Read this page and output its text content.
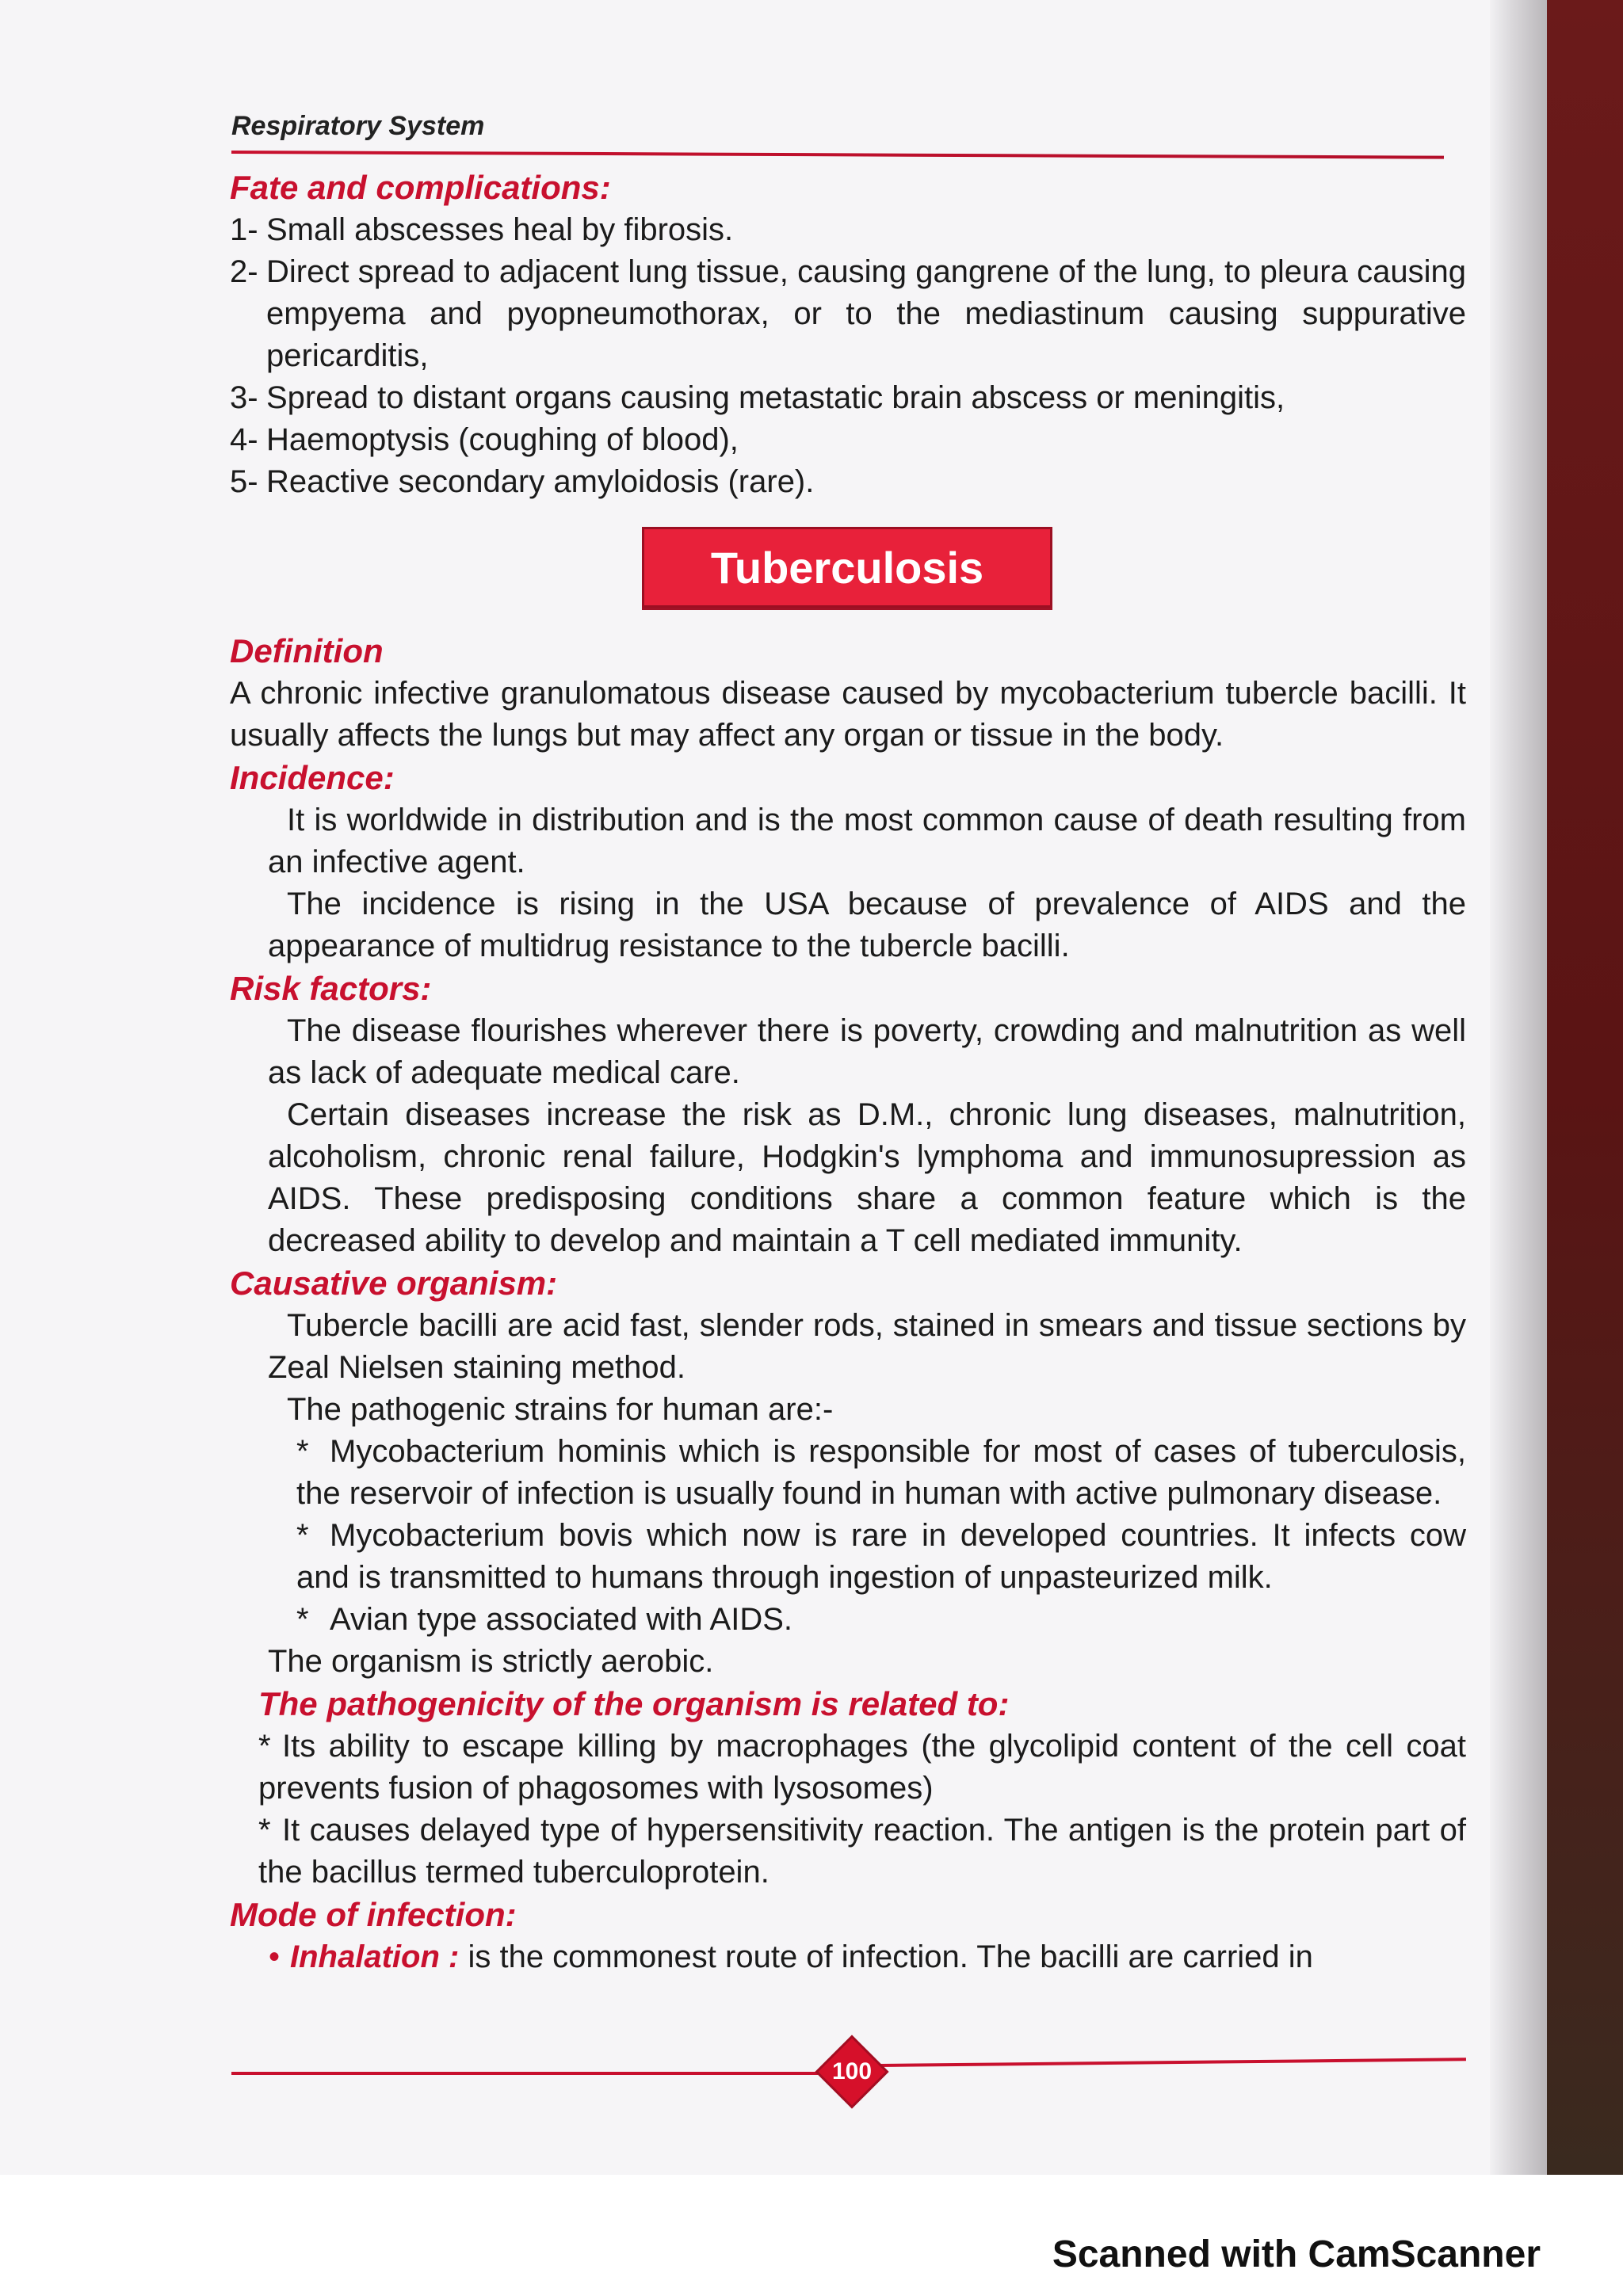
Respiratory System
Fate and complications:
1- Small abscesses heal by fibrosis.
2- Direct spread to adjacent lung tissue, causing gangrene of the lung, to pleura causing empyema and pyopneumothorax, or to the mediastinum causing suppurative pericarditis,
3- Spread to distant organs causing metastatic brain abscess or meningitis,
4- Haemoptysis (coughing of blood),
5- Reactive secondary amyloidosis (rare).
Tuberculosis
Definition

A chronic infective granulomatous disease caused by mycobacterium tubercle bacilli. It usually affects the lungs but may affect any organ or tissue in the body.

Incidence:

It is worldwide in distribution and is the most common cause of death resulting from an infective agent.

The incidence is rising in the USA because of prevalence of AIDS and the appearance of multidrug resistance to the tubercle bacilli.

Risk factors:

The disease flourishes wherever there is poverty, crowding and malnutrition as well as lack of adequate medical care.

Certain diseases increase the risk as D.M., chronic lung diseases, malnutrition, alcoholism, chronic renal failure, Hodgkin's lymphoma and immunosupression as AIDS. These predisposing conditions share a common feature which is the decreased ability to develop and maintain a T cell mediated immunity.

Causative organism:

Tubercle bacilli are acid fast, slender rods, stained in smears and tissue sections by Zeal Nielsen staining method.

The pathogenic strains for human are:-

* Mycobacterium hominis which is responsible for most of cases of tuberculosis, the reservoir of infection is usually found in human with active pulmonary disease.
* Mycobacterium bovis which now is rare in developed countries. It infects cow and is transmitted to humans through ingestion of unpasteurized milk.
* Avian type associated with AIDS.

The organism is strictly aerobic.

The pathogenicity of the organism is related to:
* Its ability to escape killing by macrophages (the glycolipid content of the cell coat prevents fusion of phagosomes with lysosomes)
* It causes delayed type of hypersensitivity reaction. The antigen is the protein part of the bacillus termed tuberculoprotein.
Mode of infection:
• Inhalation : is the commonest route of infection. The bacilli are carried in
100
Scanned with CamScanner
